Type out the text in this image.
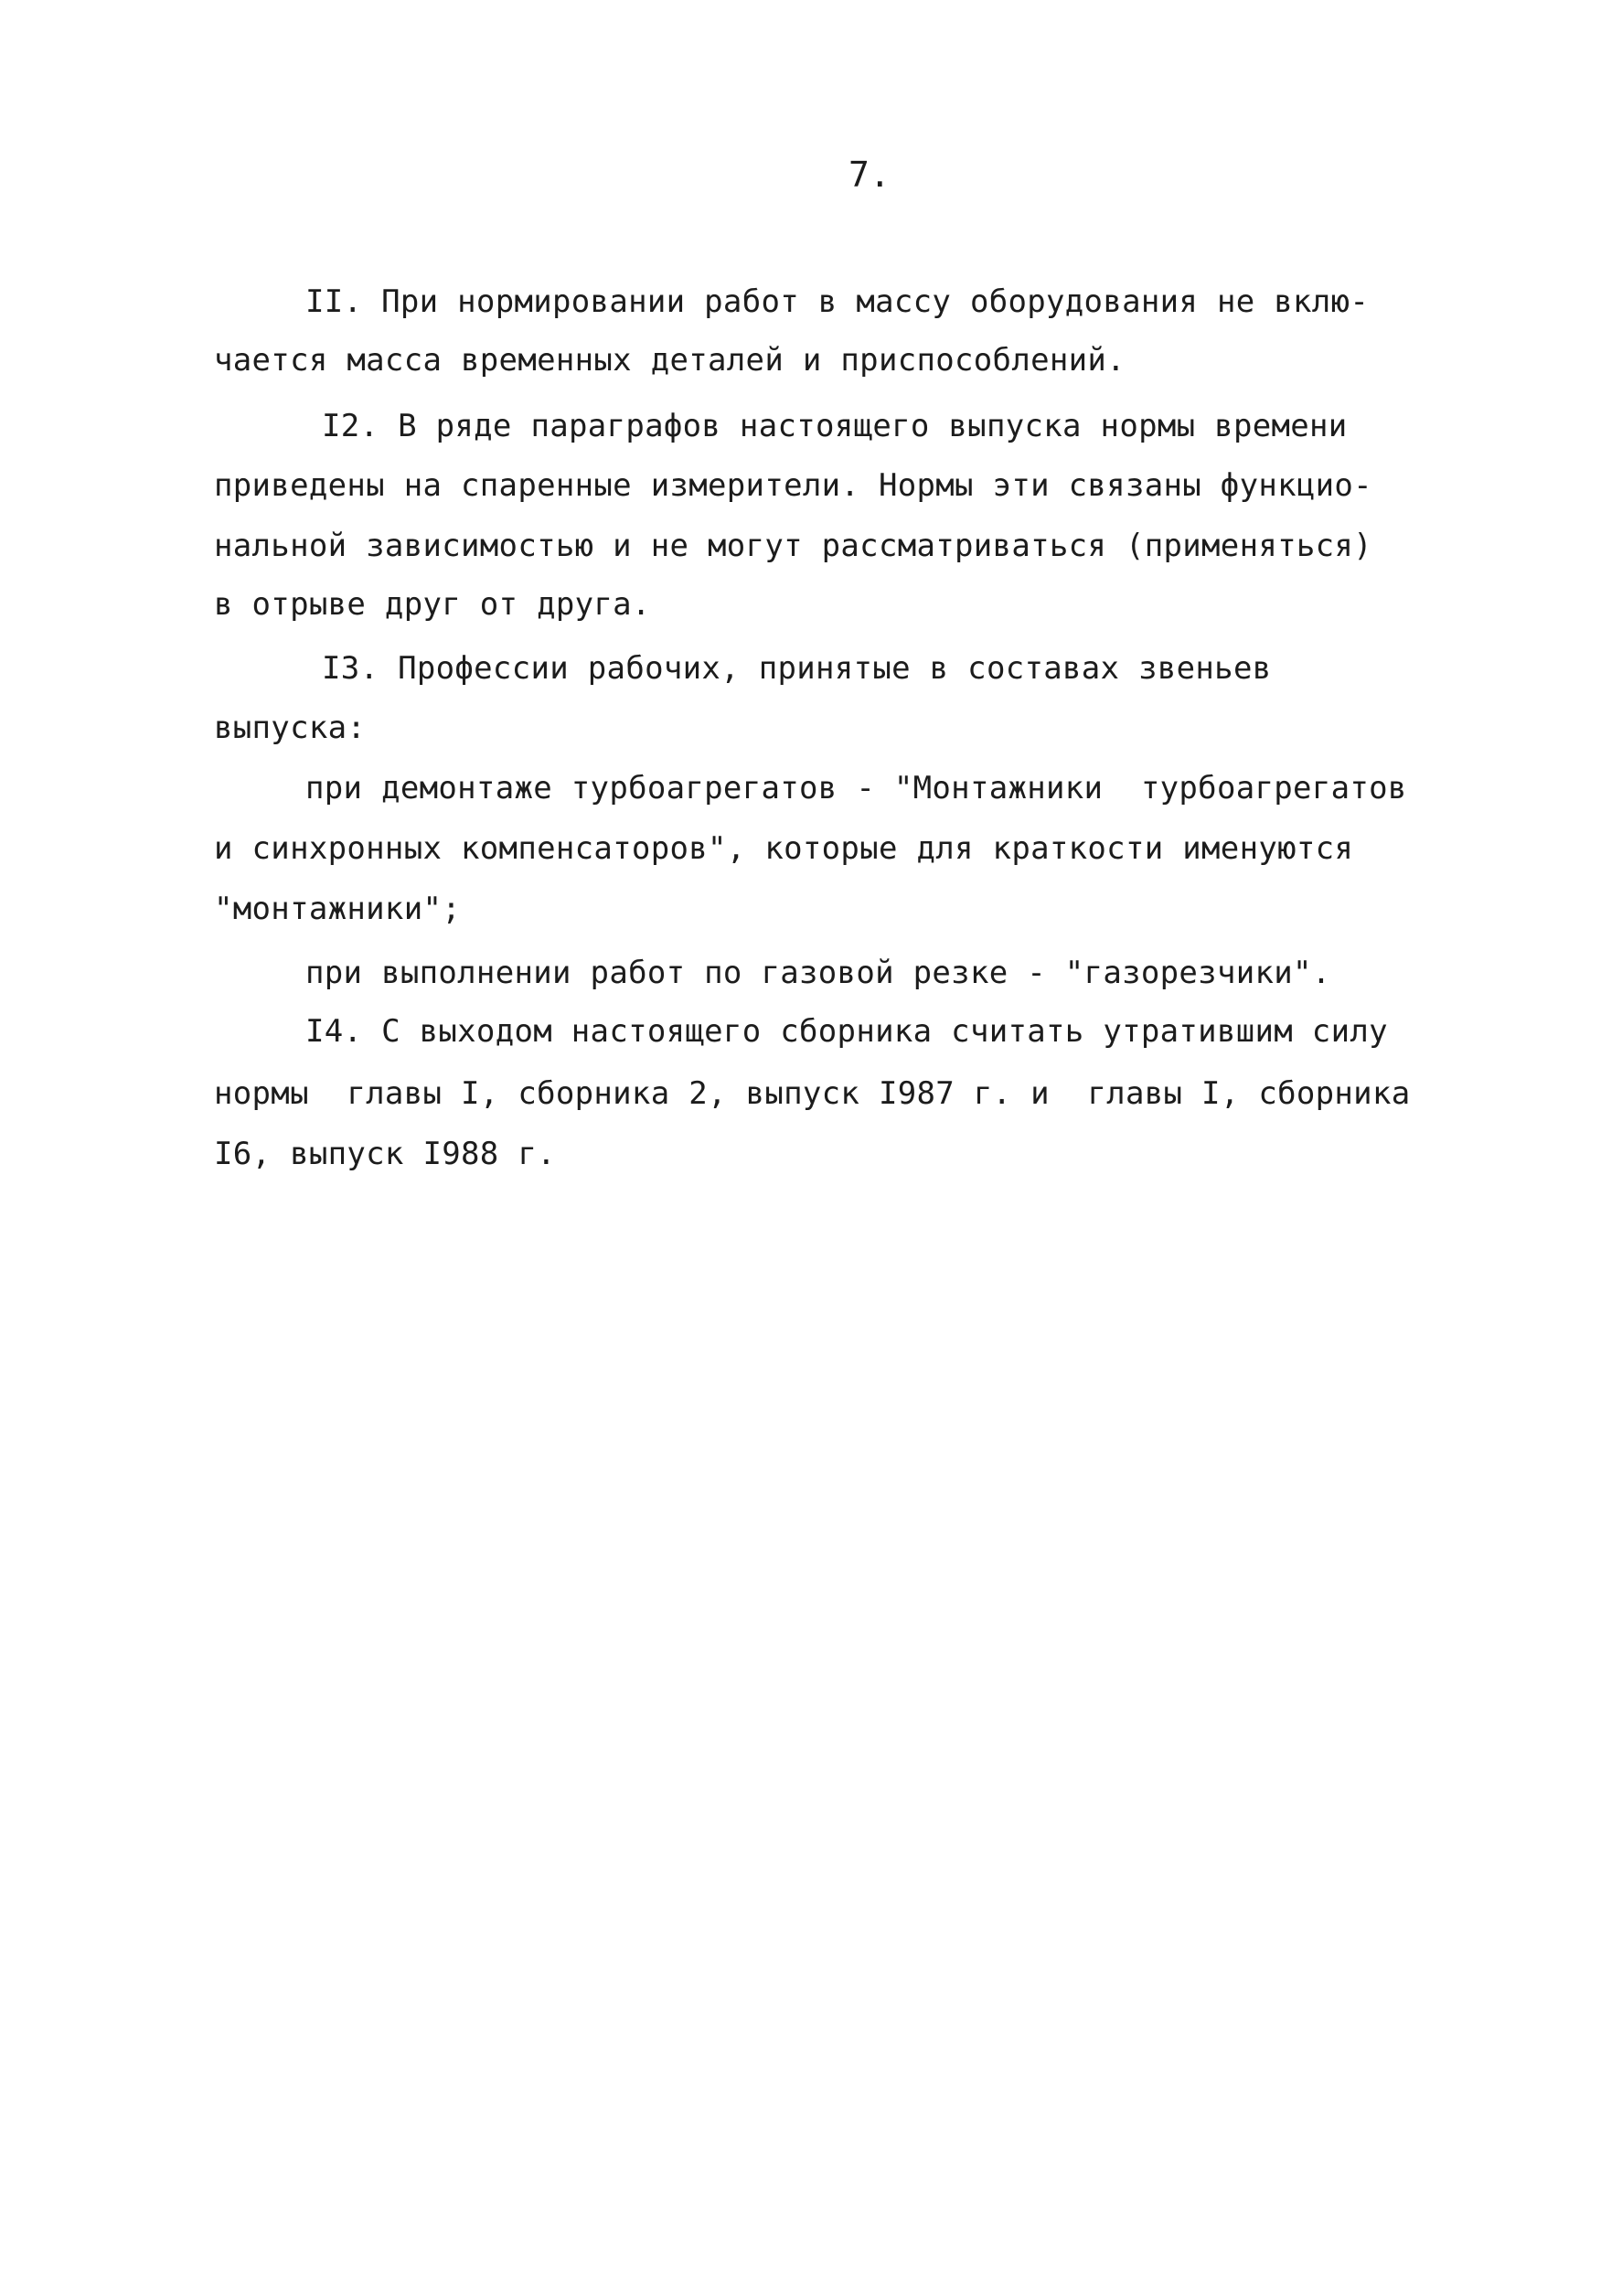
7.
II. При нормировании работ в массу оборудования не вклю-
чается масса временных деталей и приспособлений.
I2. В ряде параграфов настоящего выпуска нормы времени
приведены на спаренные измерители. Нормы эти связаны функцио-
нальной зависимостью и не могут рассматриваться (применяться)
в отрыве друг от друга.
I3. Профессии рабочих, принятые в составах звеньев
выпуска:
при демонтаже турбоагрегатов - "Монтажники  турбоагрегатов
и синхронных компенсаторов", которые для краткости именуются
"монтажники";
при выполнении работ по газовой резке - "газорезчики".
I4. С выходом настоящего сборника считать утратившим силу
нормы  главы I, сборника 2, выпуск I987 г. и  главы I, сборника
I6, выпуск I988 г.
